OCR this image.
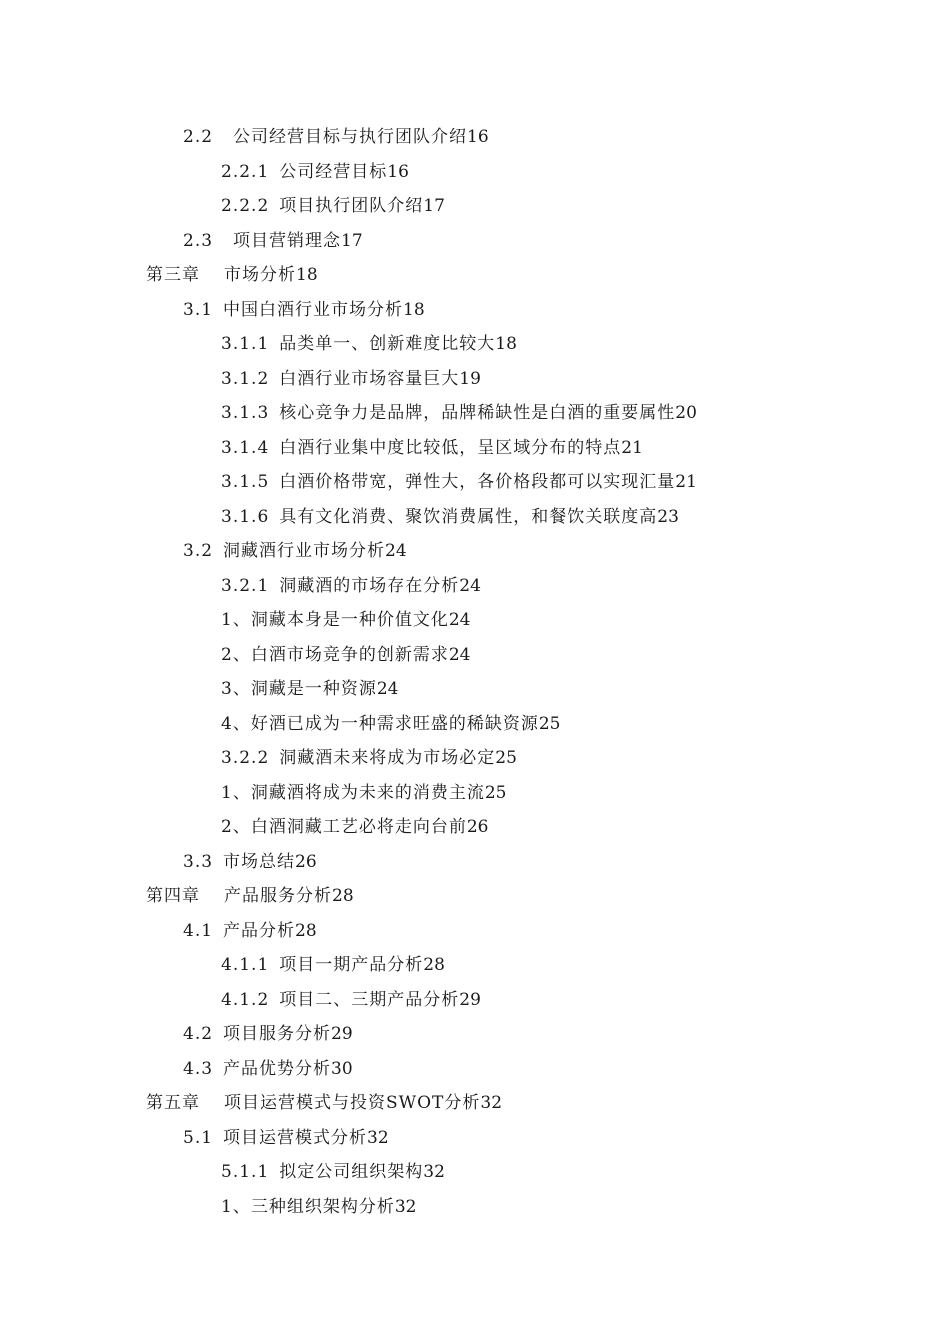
2.2 公司经营目标与执行团队介绍16
2.2.1 公司经营目标16
2.2.2 项目执行团队介绍17
2.3 项目营销理念17
第三章 市场分析18
3.1 中国白酒行业市场分析18
3.1.1 品类单一、创新难度比较大18
3.1.2 白酒行业市场容量巨大19
3.1.3 核心竞争力是品牌，品牌稀缺性是白酒的重要属性20
3.1.4 白酒行业集中度比较低，呈区域分布的特点21
3.1.5 白酒价格带宽，弹性大，各价格段都可以实现汇量21
3.1.6 具有文化消费、聚饮消费属性，和餐饮关联度高23
3.2 洞藏酒行业市场分析24
3.2.1 洞藏酒的市场存在分析24
1、洞藏本身是一种价值文化24
2、白酒市场竞争的创新需求24
3、洞藏是一种资源24
4、好酒已成为一种需求旺盛的稀缺资源25
3.2.2 洞藏酒未来将成为市场必定25
1、洞藏酒将成为未来的消费主流25
2、白酒洞藏工艺必将走向台前26
3.3 市场总结26
第四章 产品服务分析28
4.1 产品分析28
4.1.1 项目一期产品分析28
4.1.2 项目二、三期产品分析29
4.2 项目服务分析29
4.3 产品优势分析30
第五章 项目运营模式与投资SWOT分析32
5.1 项目运营模式分析32
5.1.1 拟定公司组织架构32
1、三种组织架构分析32
